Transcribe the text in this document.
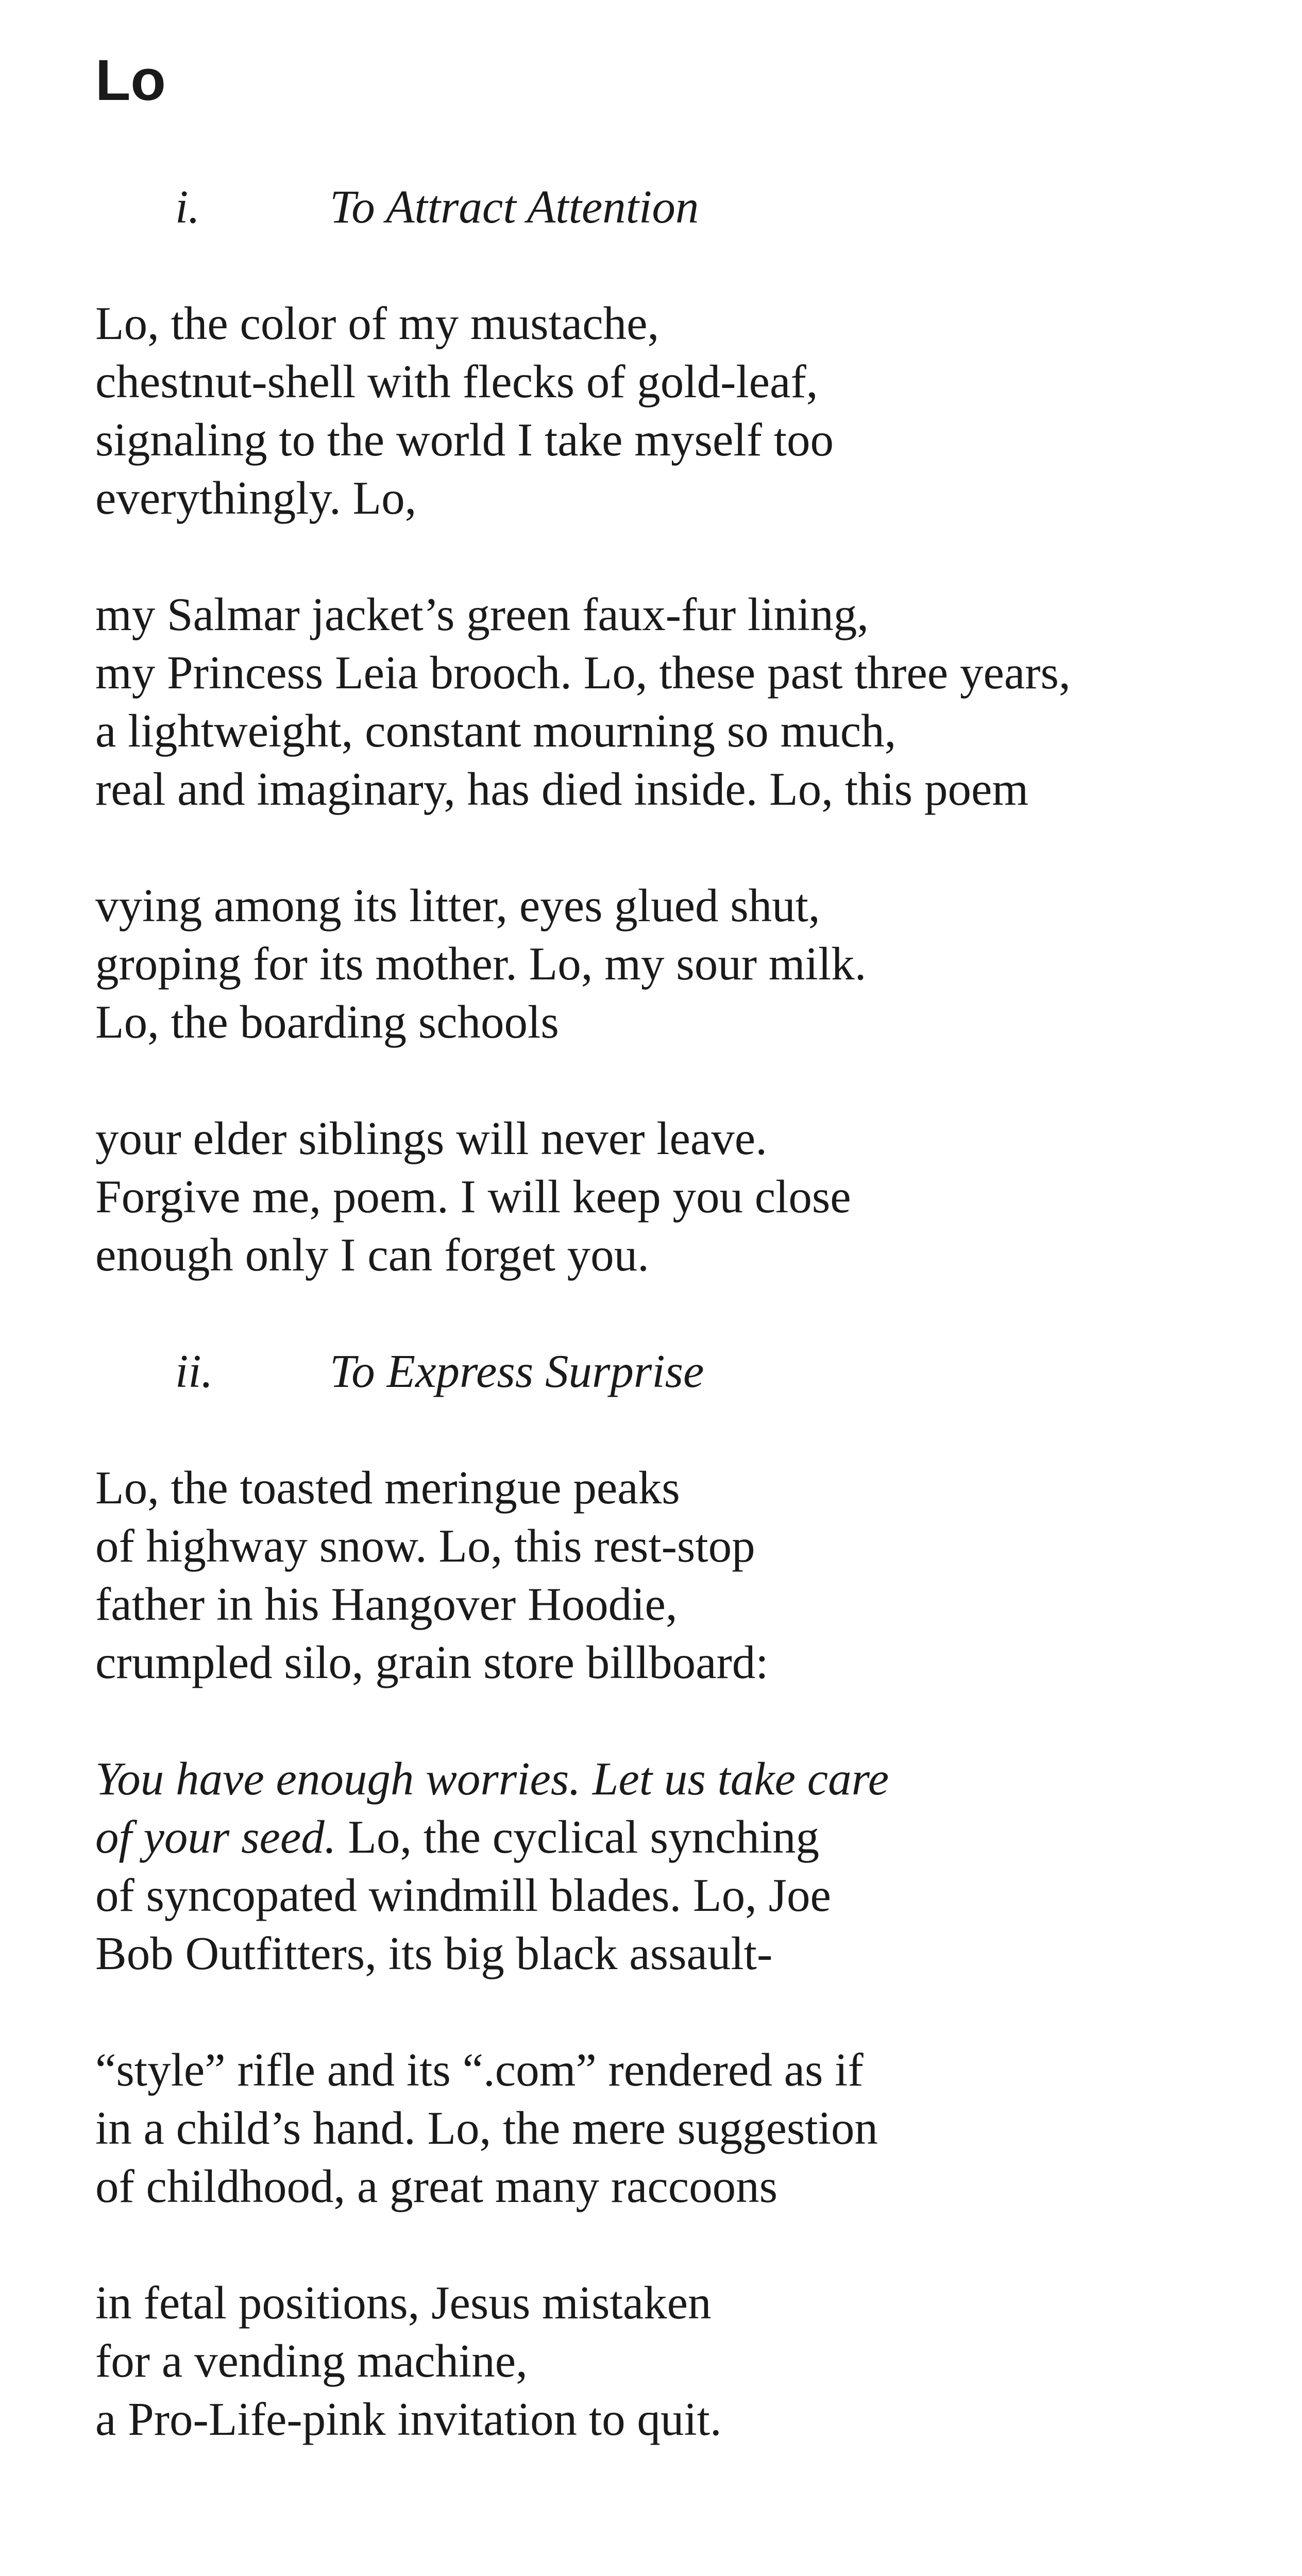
Lo
i.	To Attract Attention
Lo, the color of my mustache,
chestnut-shell with flecks of gold-leaf,
signaling to the world I take myself too
everythingly. Lo,
my Salmar jacket’s green faux-fur lining,
my Princess Leia brooch. Lo, these past three years,
a lightweight, constant mourning so much,
real and imaginary, has died inside. Lo, this poem
vying among its litter, eyes glued shut,
groping for its mother. Lo, my sour milk.
Lo, the boarding schools
your elder siblings will never leave.
Forgive me, poem. I will keep you close
enough only I can forget you.
ii. To Express Surprise
Lo, the toasted meringue peaks
of highway snow. Lo, this rest-stop
father in his Hangover Hoodie,
crumpled silo, grain store billboard:
You have enough worries. Let us take care
of your seed. Lo, the cyclical synching
of syncopated windmill blades. Lo, Joe
Bob Outfitters, its big black assault-
“style” rifle and its “.com” rendered as if
in a child’s hand. Lo, the mere suggestion
of childhood, a great many raccoons
in fetal positions, Jesus mistaken
for a vending machine,
a Pro-Life-pink invitation to quit.
